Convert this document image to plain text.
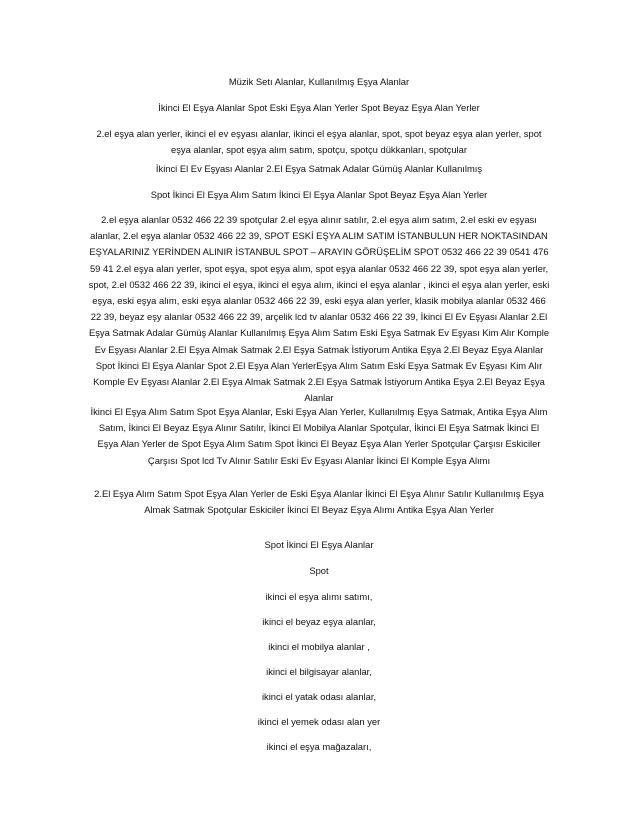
Müzik Setı Alanlar, Kullanılmış Eşya Alanlar

İkinci El Eşya Alanlar Spot Eski Eşya Alan Yerler Spot Beyaz Eşya Alan Yerler

2.el eşya alan yerler, ikinci el ev eşyası alanlar, ikinci el eşya alanlar, spot, spot beyaz eşya alan yerler, spot eşya alanlar, spot eşya alım satım, spotçu, spotçu dükkanları, spotçular

İkinci El Ev Eşyası Alanlar 2.El Eşya Satmak Adalar Gümüş Alanlar Kullanılmış

Spot İkinci El Eşya Alım Satım İkinci El Eşya Alanlar Spot Beyaz Eşya Alan Yerler

2.el eşya alanlar 0532 466 22 39 spotçular 2.el eşya alınır satılır, 2.el eşya alım satım, 2.el eski ev eşyası alanlar, 2.el eşya alanlar 0532 466 22 39, SPOT ESKİ EŞYA ALIM SATIM İSTANBULUN HER NOKTASINDAN EŞYALARINIZ YERİNDEN ALINIR İSTANBUL SPOT – ARAYIN GÖRÜŞELİM SPOT 0532 466 22 39 0541 476 59 41 2.el eşya alan yerler, spot eşya, spot eşya alım, spot eşya alanlar 0532 466 22 39, spot eşya alan yerler, spot, 2.el 0532 466 22 39, ikinci el eşya, ikinci el eşya alım, ikinci el eşya alanlar , ikinci el eşya alan yerler, eski eşya, eski eşya alım, eski eşya alanlar 0532 466 22 39, eski eşya alan yerler, klasik mobilya alanlar 0532 466 22 39, beyaz eşy alanlar 0532 466 22 39, arçelik lcd tv alanlar 0532 466 22 39, İkinci El Ev Eşyası Alanlar 2.El Eşya Satmak Adalar Gümüş Alanlar Kullanılmış Eşya Alım Satım Eski Eşya Satmak Ev Eşyası Kim Alır Komple Ev Eşyası Alanlar 2.El Eşya Almak Satmak 2.El Eşya Satmak İstiyorum Antika Eşya 2.El Beyaz Eşya Alanlar Spot İkinci El Eşya Alanlar Spot 2.El Eşya Alan YerlerEşya Alım Satım Eski Eşya Satmak Ev Eşyası Kim Alır Komple Ev Eşyası Alanlar 2.El Eşya Almak Satmak 2.El Eşya Satmak İstiyorum Antika Eşya 2.El Beyaz Eşya Alanlar

İkinci El Eşya Alım Satım Spot Eşya Alanlar, Eski Eşya Alan Yerler, Kullanılmış Eşya Satmak, Antika Eşya Alım Satım, İkinci El Beyaz Eşya Alınır Satılır, İkinci El Mobilya Alanlar Spotçular, İkinci El Eşya Satmak İkinci El Eşya Alan Yerler de Spot Eşya Alım Satım Spot İkinci El Beyaz Eşya Alan Yerler Spotçular Çarşısı Eskiciler Çarşısı Spot lcd Tv Alınır Satılır Eski Ev Eşyası Alanlar İkinci El Komple Eşya Alımı

2.El Eşya Alım Satım Spot Eşya Alan Yerler de Eski Eşya Alanlar İkinci El Eşya Alınır Satılır Kullanılmış Eşya Almak Satmak Spotçular Eskiciler İkinci El Beyaz Eşya Alımı Antika Eşya Alan Yerler

Spot İkinci El Eşya Alanlar

Spot

ikinci el eşya alımı satımı,

ikinci el beyaz eşya alanlar,

ikinci el mobilya alanlar ,

ikinci el bilgisayar alanlar,

ikinci el yatak odası alanlar,

ikinci el yemek odası alan yer

ikinci el eşya mağazaları,
